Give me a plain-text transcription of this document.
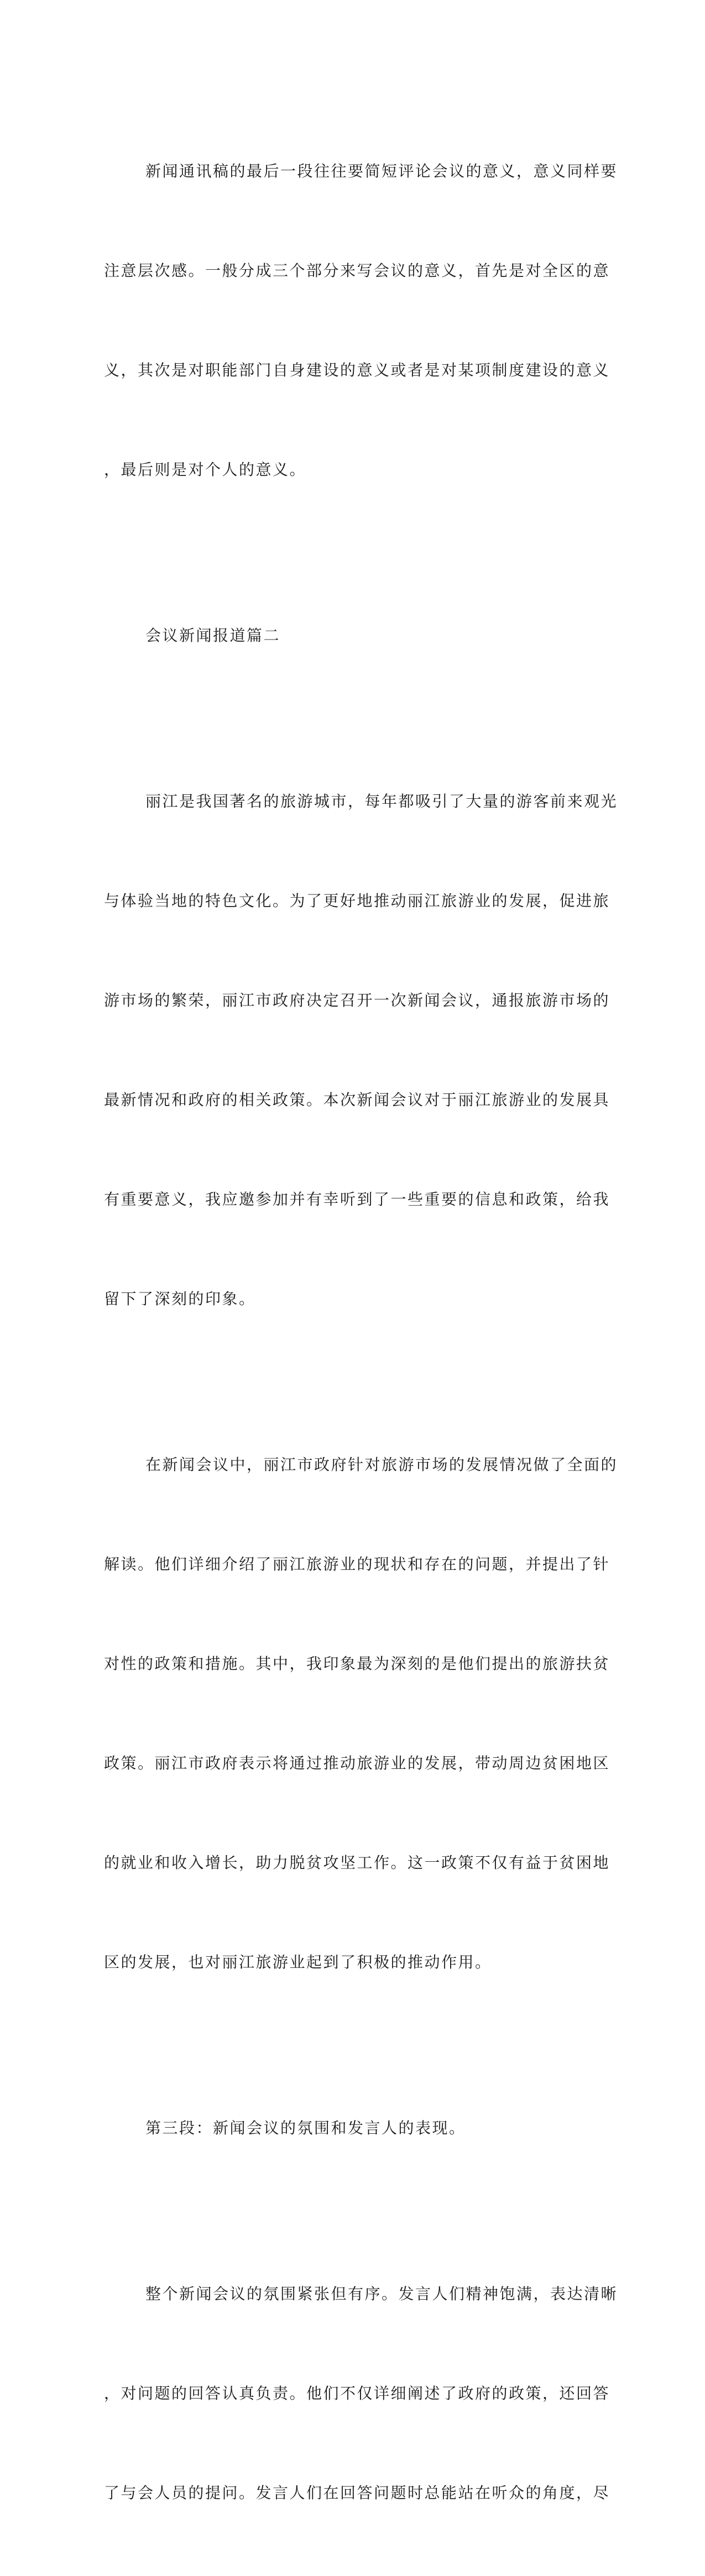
新闻通讯稿的最后一段往往要简短评论会议的意义，意义同样要

注意层次感。一般分成三个部分来写会议的意义，首先是对全区的意

义，其次是对职能部门自身建设的意义或者是对某项制度建设的意义

，最后则是对个人的意义。

会议新闻报道篇二

丽江是我国著名的旅游城市，每年都吸引了大量的游客前来观光

与体验当地的特色文化。为了更好地推动丽江旅游业的发展，促进旅

游市场的繁荣，丽江市政府决定召开一次新闻会议，通报旅游市场的

最新情况和政府的相关政策。本次新闻会议对于丽江旅游业的发展具

有重要意义，我应邀参加并有幸听到了一些重要的信息和政策，给我

留下了深刻的印象。

在新闻会议中，丽江市政府针对旅游市场的发展情况做了全面的

解读。他们详细介绍了丽江旅游业的现状和存在的问题，并提出了针

对性的政策和措施。其中，我印象最为深刻的是他们提出的旅游扶贫

政策。丽江市政府表示将通过推动旅游业的发展，带动周边贫困地区

的就业和收入增长，助力脱贫攻坚工作。这一政策不仅有益于贫困地

区的发展，也对丽江旅游业起到了积极的推动作用。

第三段：新闻会议的氛围和发言人的表现。

整个新闻会议的氛围紧张但有序。发言人们精神饱满，表达清晰

，对问题的回答认真负责。他们不仅详细阐述了政府的政策，还回答

了与会人员的提问。发言人们在回答问题时总能站在听众的角度，尽
